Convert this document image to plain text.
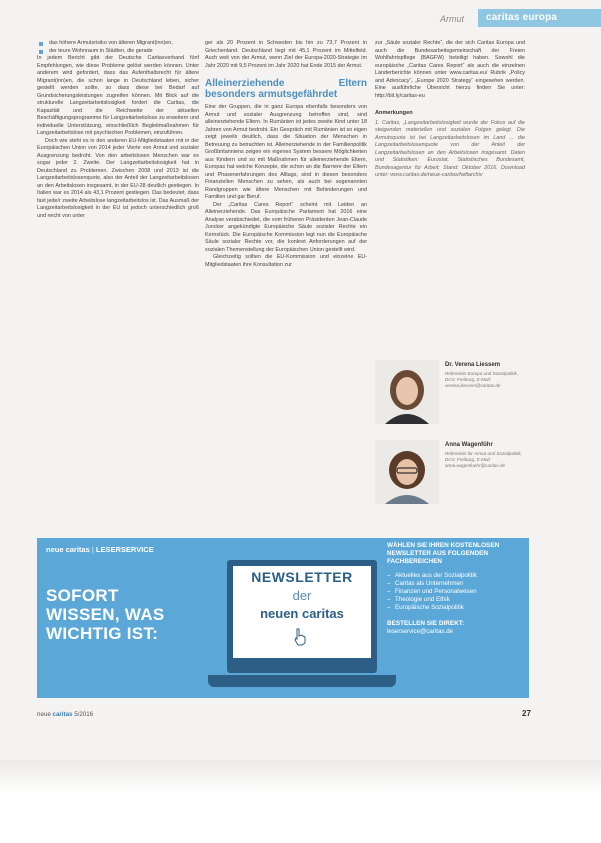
Armut	caritas europa
das höhere Armutsrisiko von älteren Migrant(inn)en,
der teure Wohnraum in Städten, die gerade

In jedem Bericht gibt der Deutsche Caritasverband fünf Empfehlungen, wie diese Probleme gelöst werden können. Unter anderem wird gefordert, dass das Aufenthaltsrecht für ältere Migrant(inn)en, die schon lange in Deutschland leben, sicher gestellt werden sollte, so dass diese bei Bedarf auf Grundsicherungsleistungen zugreifen können. Mit Blick auf die strukturelle Langzeitarbeitslosigkeit fordert die Caritas, die Kapazität und die Reichweite der aktuellen Beschäftigungsprogramme für Langzeitarbeitslose zu erweitern und individuelle Unterstützung, einschließlich Begleitmaßnahmen für Langzeitarbeitslose mit psychischen Problemen, einzuführen.

Doch wie steht es in den anderen EU-Mitgliedstaaten mit in der Europäischen Union von 2014 jeder Vierte von Armut und sozialer Ausgrenzung bedroht. Von den arbeitslosen Menschen war es sogar jeder 2. Zweite. Der Langzeitarbeitslosigkeit hat in Deutschland zu Problemen. Zwischen 2008 und 2013 ist die Langzeitarbeitslosenquote, also der Anteil der Langzeitarbeitslosen an den Arbeitslosen insgesamt, in der EU-28 deutlich gestiegen. In Italien war es 2014 als 43,1 Prozent gestiegen. Das bedeutet, dass fast jede/r zweite Arbeitslose langzeitarbeitslos ist. Das Ausmaß der Langzeitarbeitslosigkeit in der EU ist jedoch unterschiedlich groß und reicht von unter

ger als 20 Prozent in Schweden bis hin zu 73,7 Prozent in Griechenland. Deutschland liegt mit 45,1 Prozent im Mittelfeld. Auch weit von der Armut, wenn Ziel der Europa-2020-Strategie im Jahr 2020 mit 9,5 Prozent im Jahr 2020 hat Ende 2015 der Armut.

Alleinerziehende Eltern besonders armutsgefährdet

Eine der Gruppen, die in ganz Europa ebenfalls besonders von Armut und sozialer Ausgrenzung betroffen sind, sind alleinerziehende Eltern. In Rumänien ist jedes zweite Kind unter 18 Jahren von Armut bedroht. Ein Gespräch mit Rumänien ist so eigen zeigt jeweils deutlich, dass die Situation der Menschen in Betreuung zu betrachten ist. Alleinerziehende in der Familienpolitik Großbritanniens zeigen ein eigenes System bessere Möglichkeiten aus Kindern und so mit Maßnahmen für alleinerziehende Eltern, Europas hat welche Konzepte, die schon an die Barriere der Eltern und Phasenerfahrungen des Alltags, sind in diesen besonders Finanziellen Menschen zu sehen, als auch bei sogenannten Randgruppen wie ältere Menschen mit Behinderungen und Familien und gar Beruf.

Der „Caritas Cares Report“ scheint mit Leiden an Alleinerziehende. Das Europäische Parlament hat 2016 eine Analyse verabschiedet, die vom früheren Präsidenten Jean-Claude Juncker angekündigte Europäische Säule sozialer Rechte ein Kernstück. Die Europäische Kommission legt nun die Europäische Säule sozialer Rechte vor, die konkret Anforderungen auf der sozialen Themenstellung der Europäischen Union gestellt wird.

Gleichzeitig sollten die EU-Kommission und einzelne EU-Mitgliedstaaten ihre Konsultation zur

zur „Säule sozialer Rechte“, die der sich Caritas Europa und auch die Bundesarbeitsgemeinschaft der Freien Wohlfahrtspflege (BAGFW) beteiligt haben. Sowohl die europäische „Caritas Cares Report“ als auch die einzelnen Länderberichte können unter www.caritas.eu/ Rubrik „Policy and Advocacy“, „Europe 2020 Strategy“ eingesehen werden. Eine ausführliche Übersicht hierzu finden Sie unter: http://bit.ly/caritas-eu

Anmerkungen

1. Caritas, „Langzeitarbeitslosigkeit wurde der Fokus auf die steigenden materiellen und sozialen Folgen gelegt. Die Armutsquote ist bei Langzeitarbeitslosen im Land ... die Langzeitarbeitslosenquote von der Anteil der Langzeitarbeitslosen an den Arbeitslosen insgesamt. Daten und Statistiken: Eurostat, Statistisches Bundesamt, Bundesagentur für Arbeit; Stand: Oktober 2016. Download unter: www.caritas.de/neue-caritas/heftarchiv

Dr. Verena Liessem
Referentin Europa und Sozialpolitik, DCV, Freiburg, E-Mail: verena.liessem@caritas.de
Anna Wagenführ
Referentin für Armut und Sozialpolitik, DCV, Freiburg, E-Mail: anna.wagenfuehr@caritas.de
neue caritas | LESERSERVICE
SOFORT
WISSEN, WAS
WICHTIG IST:
NEWSLETTER
der
neuen caritas
WÄHLEN SIE IHREN KOSTENLOSEN NEWSLETTER AUS FOLGENDEN FACHBEREICHEN
– Aktuelles aus der Sozialpolitik
– Caritas als Unternehmen
– Finanzen und Personalwesen
– Theologie und Ethik
– Europäische Sozialpolitik
BESTELLEN SIE DIREKT:
leserservice@caritas.de
neue caritas 5/2016	27
